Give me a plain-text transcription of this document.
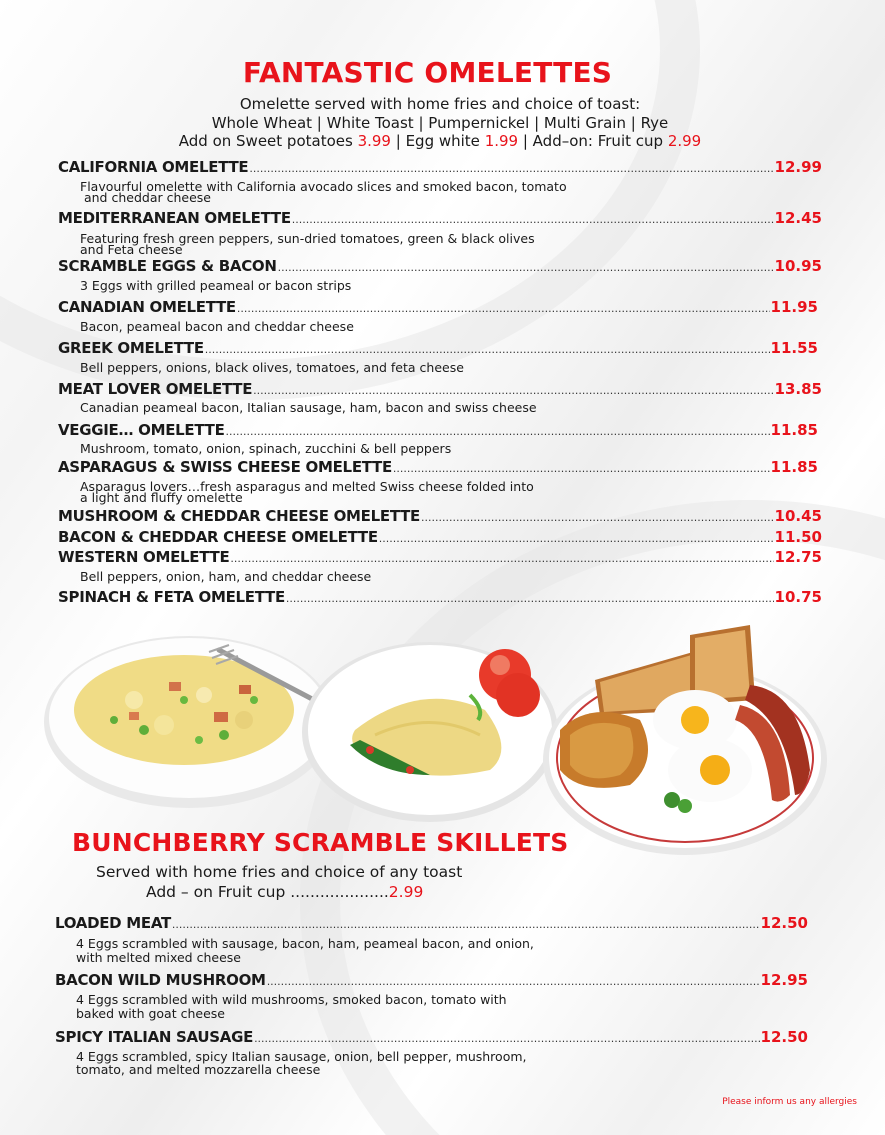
FANTASTIC OMELETTES
Omelette served with home fries and choice of toast:
Whole Wheat | White Toast | Pumpernickel | Multi Grain | Rye
Add on Sweet potatoes 3.99 | Egg white 1.99 | Add–on: Fruit cup 2.99
CALIFORNIA OMELETTE .....	12.99
Flavourful omelette with California avocado slices and smoked bacon, tomato
and cheddar cheese
MEDITERRANEAN OMELETTE .....	12.45
Featuring fresh green peppers, sun-dried tomatoes, green & black olives
and Feta cheese
SCRAMBLE EGGS & BACON .....	10.95
3 Eggs with grilled peameal or bacon strips
CANADIAN OMELETTE .....	11.95
Bacon, peameal bacon and cheddar cheese
GREEK OMELETTE .....	11.55
Bell peppers, onions, black olives, tomatoes, and feta cheese
MEAT LOVER OMELETTE .....	13.85
Canadian peameal bacon, Italian sausage, ham, bacon and swiss cheese
VEGGIE… OMELETTE .....	11.85
Mushroom, tomato, onion, spinach, zucchini & bell peppers
ASPARAGUS & SWISS CHEESE OMELETTE .....	11.85
Asparagus lovers…fresh asparagus and melted Swiss cheese folded into
a light and fluffy omelette
MUSHROOM & CHEDDAR CHEESE OMELETTE .....	10.45
BACON & CHEDDAR CHEESE OMELETTE .....	11.50
WESTERN OMELETTE .....	12.75
Bell peppers, onion, ham, and cheddar cheese
SPINACH & FETA OMELETTE .....	10.75
BUNCHBERRY SCRAMBLE SKILLETS
Served with home fries and choice of any toast
Add – on Fruit cup ....................2.99
LOADED MEAT .....	12.50
4 Eggs scrambled with sausage, bacon, ham, peameal bacon, and onion,
with melted mixed cheese
BACON WILD MUSHROOM .....	12.95
4 Eggs scrambled with wild mushrooms, smoked bacon, tomato with
baked with goat cheese
SPICY ITALIAN SAUSAGE .....	12.50
4 Eggs scrambled, spicy Italian sausage, onion, bell pepper, mushroom,
tomato, and melted mozzarella cheese
Please inform us any allergies
